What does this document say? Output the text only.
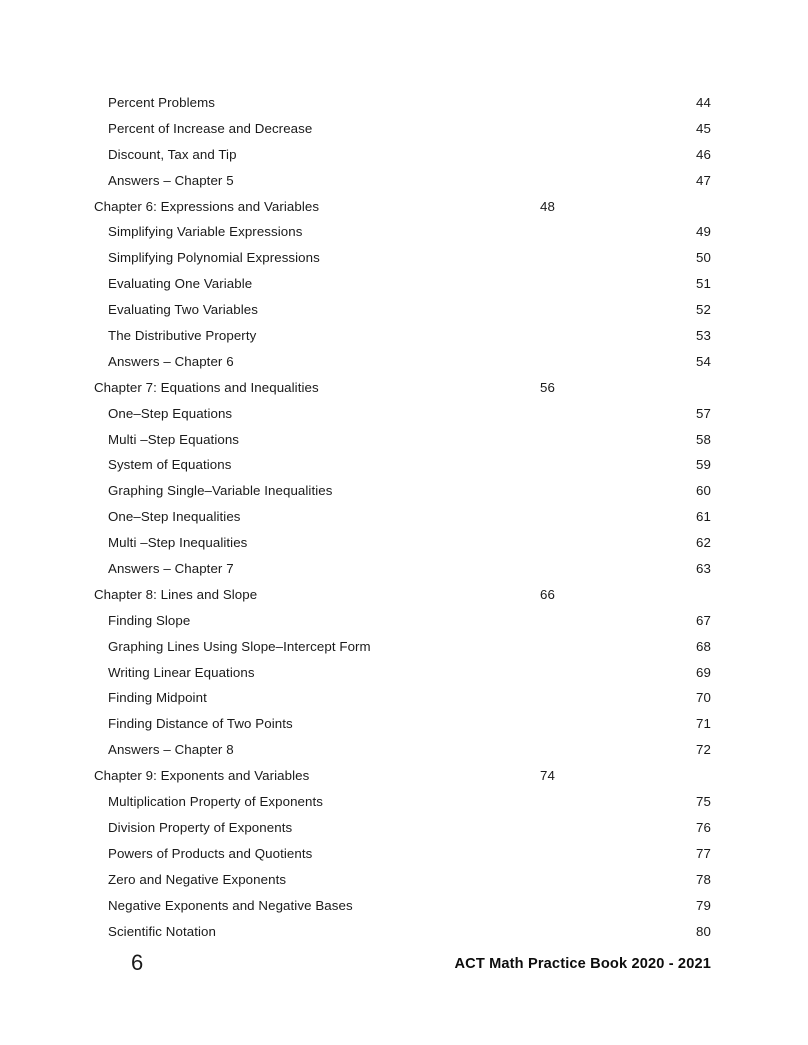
Percent Problems .....	44
Percent of Increase and Decrease .....	45
Discount, Tax and Tip .....	46
Answers – Chapter 5 .....	47
Chapter 6: Expressions and Variables .....	48
Simplifying Variable Expressions .....	49
Simplifying Polynomial Expressions .....	50
Evaluating One Variable .....	51
Evaluating Two Variables .....	52
The Distributive Property .....	53
Answers – Chapter 6 .....	54
Chapter 7: Equations and Inequalities .....	56
One–Step Equations .....	57
Multi –Step Equations .....	58
System of Equations .....	59
Graphing Single–Variable Inequalities .....	60
One–Step Inequalities .....	61
Multi –Step Inequalities .....	62
Answers – Chapter 7 .....	63
Chapter 8: Lines and Slope .....	66
Finding Slope .....	67
Graphing Lines Using Slope–Intercept Form .....	68
Writing Linear Equations .....	69
Finding Midpoint .....	70
Finding Distance of Two Points .....	71
Answers – Chapter 8 .....	72
Chapter 9: Exponents and Variables .....	74
Multiplication Property of Exponents .....	75
Division Property of Exponents .....	76
Powers of Products and Quotients .....	77
Zero and Negative Exponents .....	78
Negative Exponents and Negative Bases .....	79
Scientific Notation .....	80
6	ACT Math Practice Book 2020 - 2021
